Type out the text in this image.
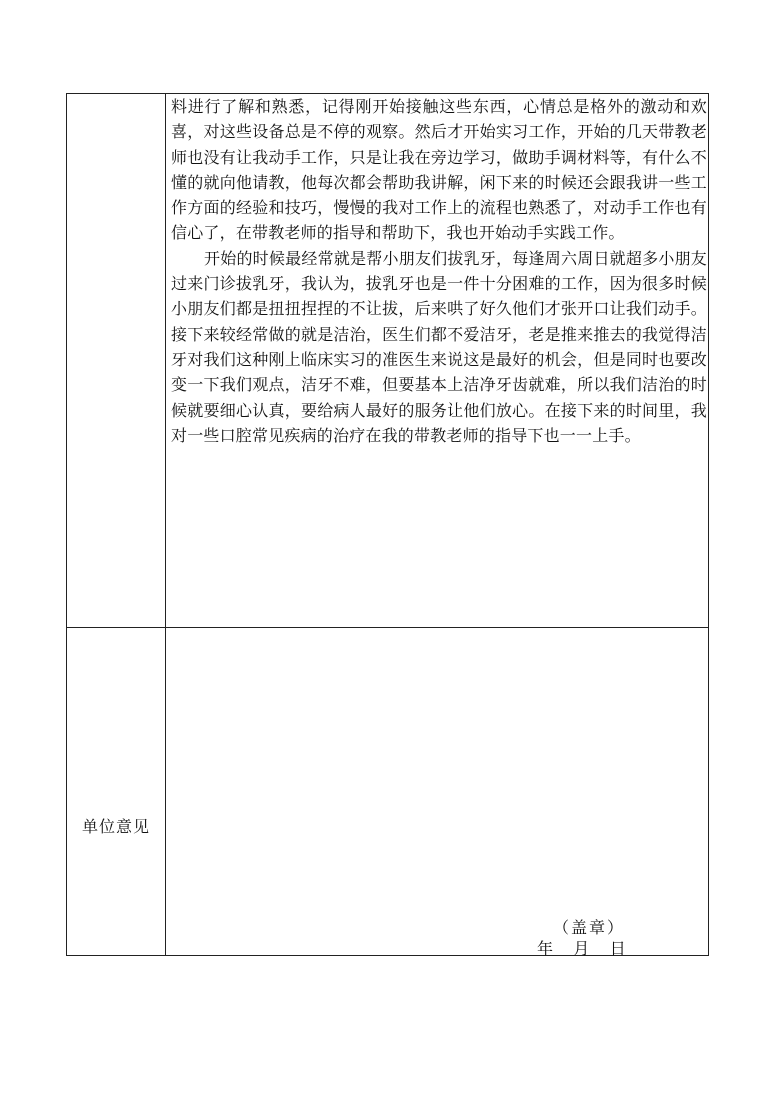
料进行了解和熟悉，记得刚开始接触这些东西，心情总是格外的激动和欢喜，对这些设备总是不停的观察。然后才开始实习工作，开始的几天带教老师也没有让我动手工作，只是让我在旁边学习，做助手调材料等，有什么不懂的就向他请教，他每次都会帮助我讲解，闲下来的时候还会跟我讲一些工作方面的经验和技巧，慢慢的我对工作上的流程也熟悉了，对动手工作也有信心了，在带教老师的指导和帮助下，我也开始动手实践工作。

开始的时候最经常就是帮小朋友们拔乳牙，每逢周六周日就超多小朋友过来门诊拔乳牙，我认为，拔乳牙也是一件十分困难的工作，因为很多时候小朋友们都是扭扭捏捏的不让拔，后来哄了好久他们才张开口让我们动手。接下来较经常做的就是洁治，医生们都不爱洁牙，老是推来推去的我觉得洁牙对我们这种刚上临床实习的准医生来说这是最好的机会，但是同时也要改变一下我们观点，洁牙不难，但要基本上洁净牙齿就难，所以我们洁治的时候就要细心认真，要给病人最好的服务让他们放心。在接下来的时间里，我对一些口腔常见疾病的治疗在我的带教老师的指导下也一一上手。

单位意见
（盖章）
年    月    日
